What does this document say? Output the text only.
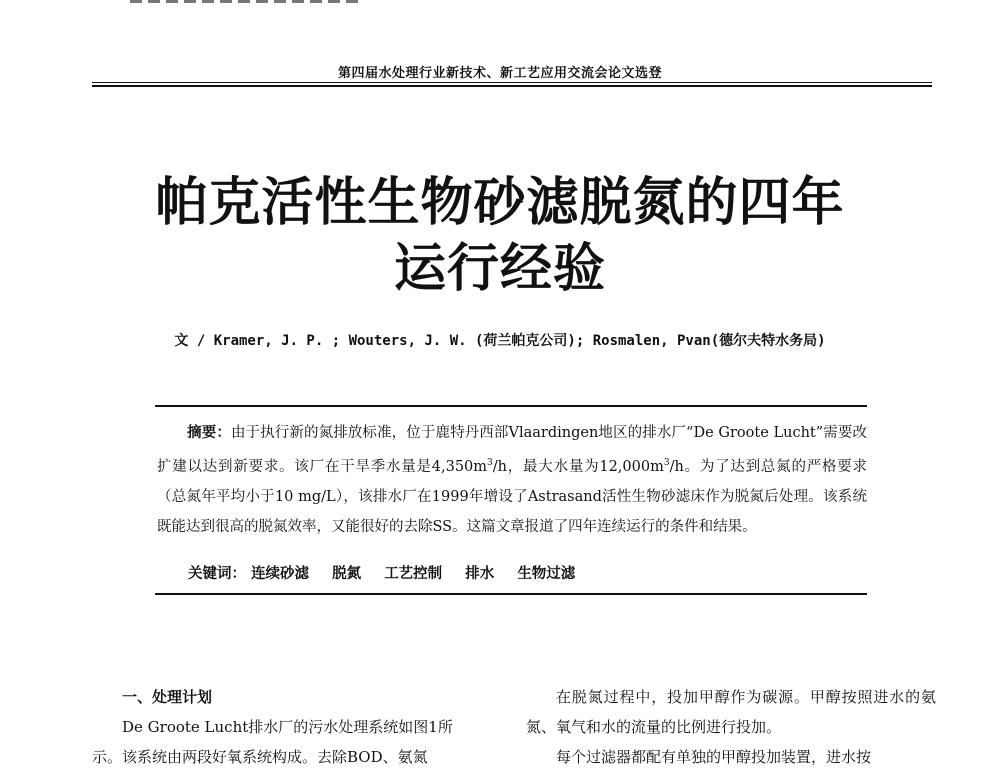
第四届水处理行业新技术、新工艺应用交流会论文选登
帕克活性生物砂滤脱氮的四年
运行经验
文 / Kramer, J. P. ; Wouters, J. W. (荷兰帕克公司); Rosmalen, Pvan(德尔夫特水务局)
摘要：由于执行新的氮排放标准，位于鹿特丹西部Vlaardingen地区的排水厂“De Groote Lucht”需要改扩建以达到新要求。该厂在干旱季水量是$4,350m^3/h$，最大水量为$12,000m^3/h$。为了达到总氮的严格要求（总氮年平均小于10 mg/L），该排水厂在1999年增设了Astrasand活性生物砂滤床作为脱氮后处理。该系统既能达到很高的脱氮效率，又能很好的去除SS。这篇文章报道了四年连续运行的条件和结果。
关键词： 连续砂滤 脱氮 工艺控制 排水 生物过滤
一、处理计划
De Groote Lucht排水厂的污水处理系统如图1所
示。该系统由两段好氧系统构成。去除BOD、氨氮
在脱氮过程中，投加甲醇作为碳源。甲醇按照进水的氨氮、氧气和水的流量的比例进行投加。
每个过滤器都配有单独的甲醇投加装置，进水按
